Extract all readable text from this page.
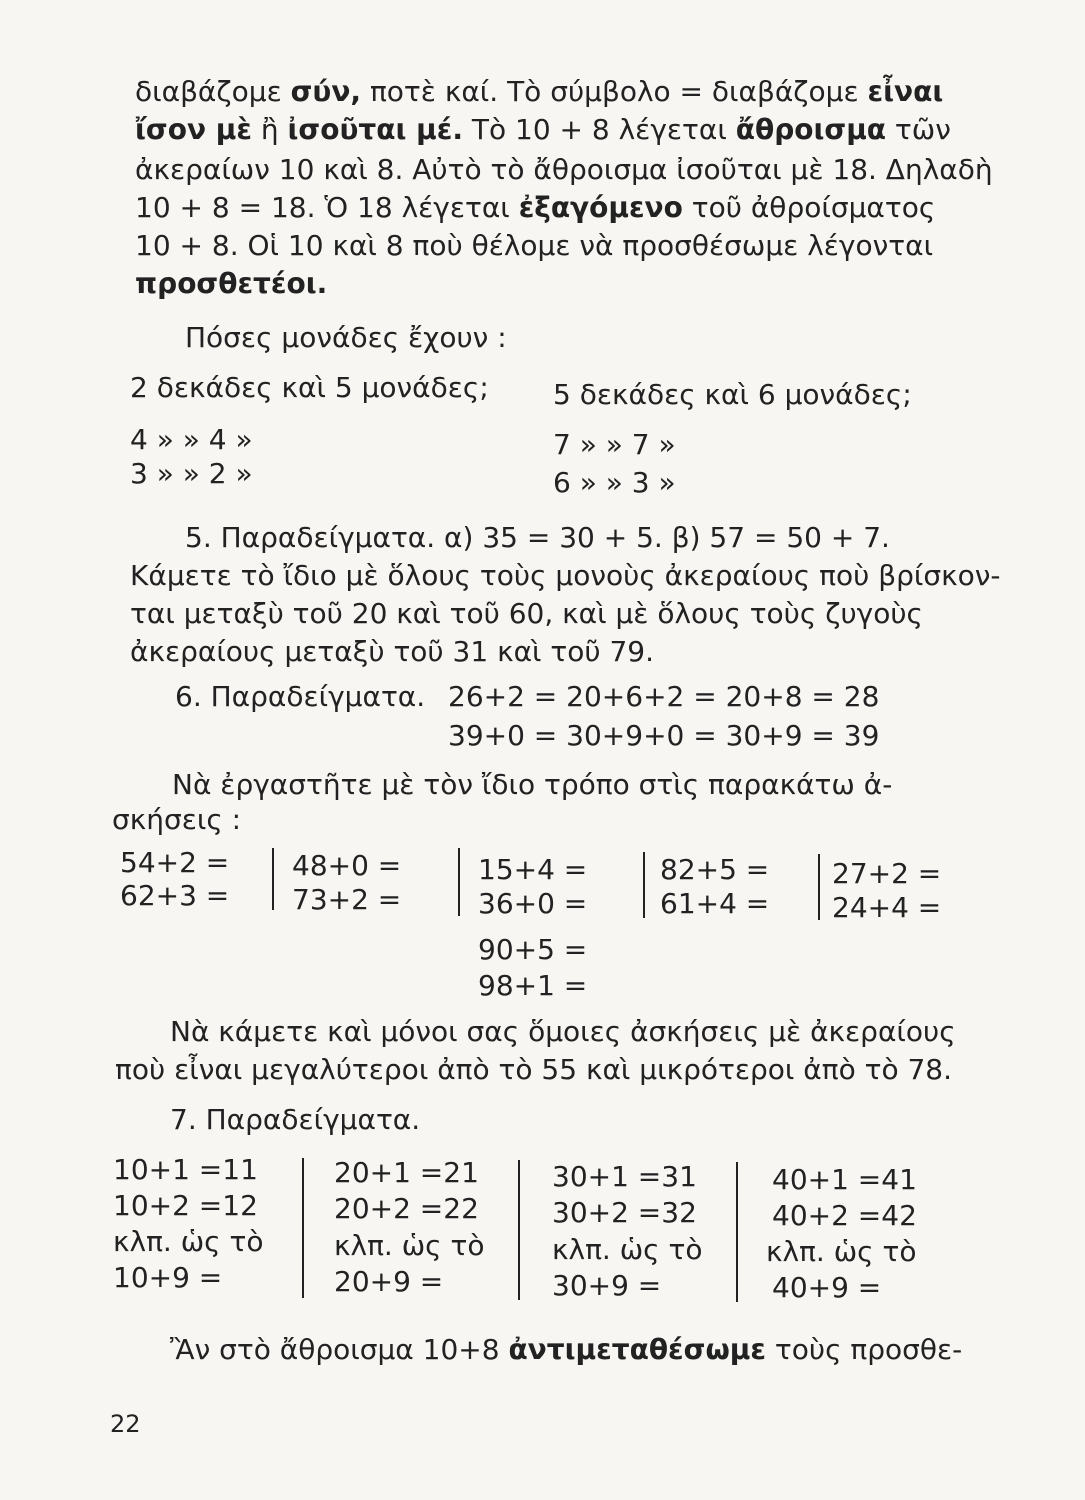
διαβάζομε σύν, ποτὲ καί. Τὸ σύμβολο = διαβάζομε εἶναι
ἴσον μὲ ἢ ἰσοῦται μέ. Τὸ 10 + 8 λέγεται ἄθροισμα τῶν
ἀκεραίων 10 καὶ 8. Αὐτὸ τὸ ἄθροισμα ἰσοῦται μὲ 18. Δηλαδὴ
10 + 8 = 18. Ὁ 18 λέγεται ἐξαγόμενο τοῦ ἀθροίσματος
10 + 8. Οἱ 10 καὶ 8 ποὺ θέλομε νὰ προσθέσωμε λέγονται
προσθετέοι.
Πόσες μονάδες ἔχουν :
2 δεκάδες καὶ 5 μονάδες;
4 » » 4 »
3 » » 2 »
5 δεκάδες καὶ 6 μονάδες;
7 » » 7 »
6 » » 3 »
5. Παραδείγματα. α) 35 = 30 + 5. β) 57 = 50 + 7.
Κάμετε τὸ ἴδιο μὲ ὅλους τοὺς μονοὺς ἀκεραίους ποὺ βρίσκον-
ται μεταξὺ τοῦ 20 καὶ τοῦ 60, καὶ μὲ ὅλους τοὺς ζυγοὺς
ἀκεραίους μεταξὺ τοῦ 31 καὶ τοῦ 79.
6. Παραδείγματα. 26+2 = 20+6+2 = 20+8 = 28
39+0 = 30+9+0 = 30+9 = 39
Νὰ ἐργαστῆτε μὲ τὸν ἴδιο τρόπο στὶς παρακάτω ἀ-
σκήσεις :
54+2 =
62+3 =
48+0 =
73+2 =
15+4 =
36+0 =
82+5 =
61+4 =
27+2 =
24+4 =
90+5 =
98+1 =
Νὰ κάμετε καὶ μόνοι σας ὅμοιες ἀσκήσεις μὲ ἀκεραίους
ποὺ εἶναι μεγαλύτεροι ἀπὸ τὸ 55 καὶ μικρότεροι ἀπὸ τὸ 78.
7. Παραδείγματα.
10+1 =11
10+2 =12
κλπ. ὡς τὸ
10+9 =
20+1 =21
20+2 =22
κλπ. ὡς τὸ
20+9 =
30+1 =31
30+2 =32
κλπ. ὡς τὸ
30+9 =
40+1 =41
40+2 =42
κλπ. ὡς τὸ
40+9 =
Ἂν στὸ ἄθροισμα 10+8 ἀντιμεταθέσωμε τοὺς προσθε-
22
